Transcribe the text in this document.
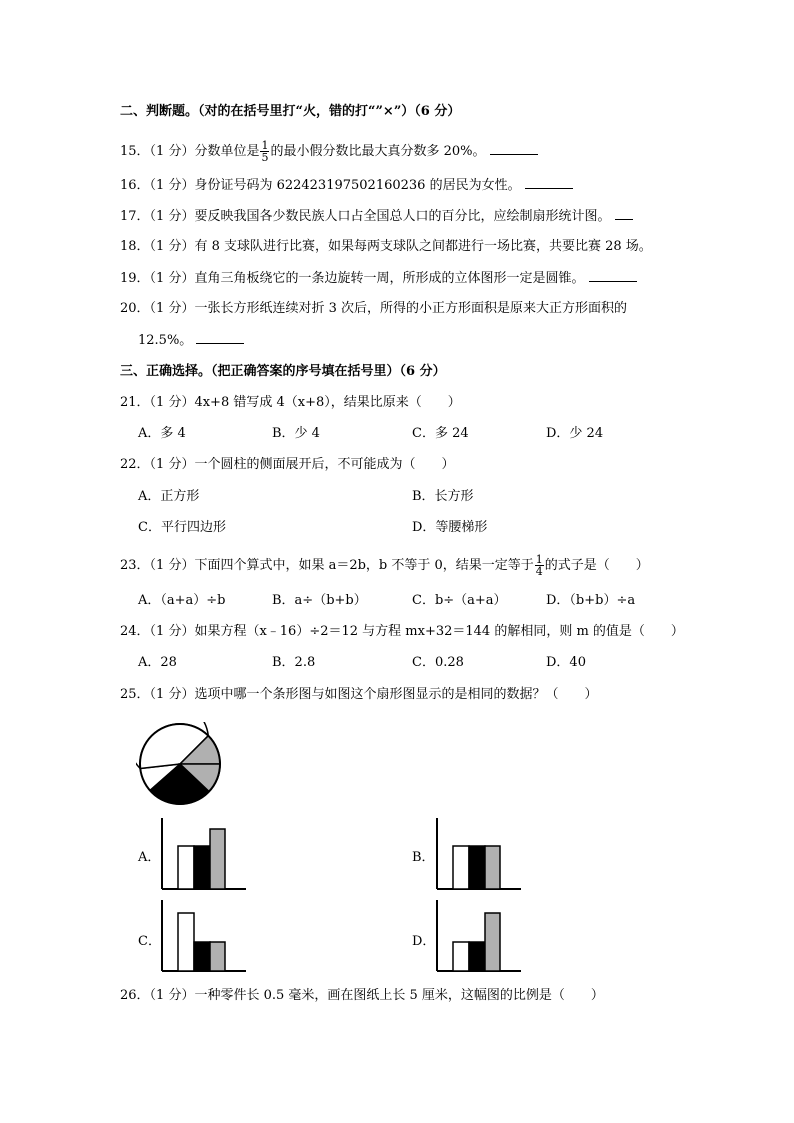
二、判断题。（对的在括号里打“火，错的打“”×”）（6 分）
15．（1 分）分数单位是 $\frac{1}{5}$ 的最小假分数比最大真分数多 20%。
16．（1 分）身份证号码为 622423197502160236 的居民为女性。
17．（1 分）要反映我国各少数民族人口占全国总人口的百分比，应绘制扇形统计图。
18．（1 分）有 8 支球队进行比赛，如果每两支球队之间都进行一场比赛，共要比赛 28 场。
19．（1 分）直角三角板绕它的一条边旋转一周，所形成的立体图形一定是圆锥。
20．（1 分）一张长方形纸连续对折 3 次后，所得的小正方形面积是原来大正方形面积的
12.5%。
三、正确选择。（把正确答案的序号填在括号里）（6 分）
21．（1 分）4x+8 错写成 4（x+8），结果比原来（　　）
A．多 4	B．少 4	C．多 24	D．少 24
22．（1 分）一个圆柱的侧面展开后，不可能成为（　　）
A．正方形	B．长方形
C．平行四边形	D．等腰梯形
23．（1 分）下面四个算式中，如果 a＝2b，b 不等于 0，结果一定等于 $\frac{1}{4}$ 的式子是（　　）
A．（a+a）÷b	B．a÷（b+b）	C．b÷（a+a）	D．（b+b）÷a
24．（1 分）如果方程（x﹣16）÷2＝12 与方程 mx+32＝144 的解相同，则 m 的值是（　　）
A．28	B．2.8	C．0.28	D．40
25．（1 分）选项中哪一个条形图与如图这个扇形图显示的是相同的数据？（　　）
A．	B．
C．	D．
26．（1 分）一种零件长 0.5 毫米，画在图纸上长 5 厘米，这幅图的比例是（　　）
